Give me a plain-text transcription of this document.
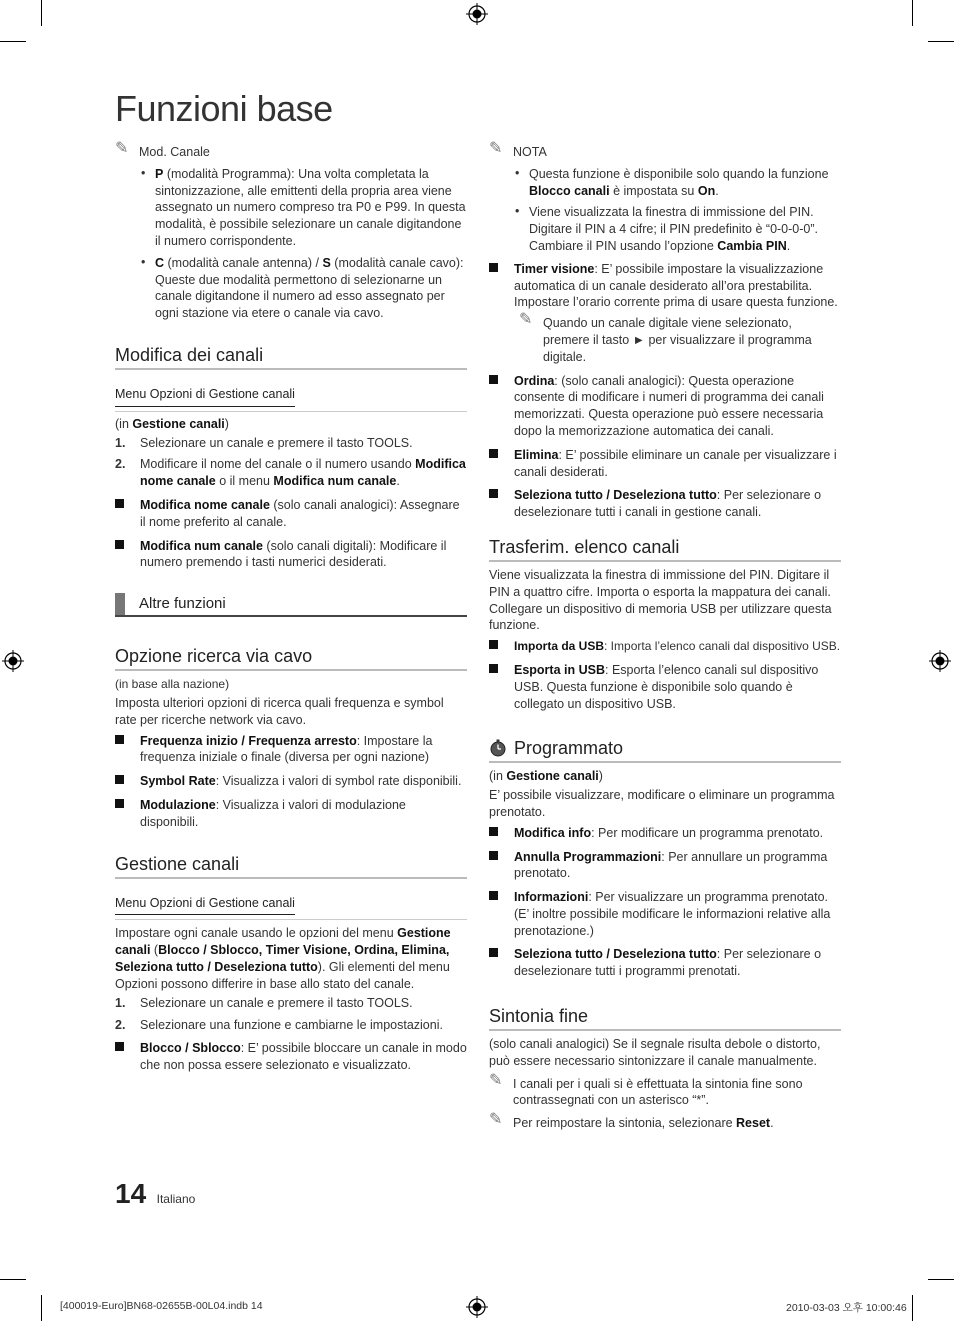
Funzioni base
✎ Mod. Canale
• P (modalità Programma): Una volta completata la sintonizzazione, alle emittenti della propria area viene assegnato un numero compreso tra P0 e P99. In questa modalità, è possibile selezionare un canale digitandone il numero corrispondente.
• C (modalità canale antenna) / S (modalità canale cavo): Queste due modalità permettono di selezionarne un canale digitandone il numero ad esso assegnato per ogni stazione via etere o canale via cavo.
Modifica dei canali
Menu Opzioni di Gestione canali

(in Gestione canali)

1. Selezionare un canale e premere il tasto TOOLS.
2. Modificare il nome del canale o il numero usando Modifica nome canale o il menu Modifica num canale.
Modifica nome canale (solo canali analogici): Assegnare il nome preferito al canale.
Modifica num canale (solo canali digitali): Modificare il numero premendo i tasti numerici desiderati.
Altre funzioni
Opzione ricerca via cavo

(in base alla nazione)

Imposta ulteriori opzioni di ricerca quali frequenza e symbol rate per ricerche network via cavo.

Frequenza inizio / Frequenza arresto: Impostare la frequenza iniziale o finale (diversa per ogni nazione)
Symbol Rate: Visualizza i valori di symbol rate disponibili.
Modulazione: Visualizza i valori di modulazione disponibili.
Gestione canali
Menu Opzioni di Gestione canali

Impostare ogni canale usando le opzioni del menu Gestione canali (Blocco / Sblocco, Timer Visione, Ordina, Elimina, Seleziona tutto / Deseleziona tutto). Gli elementi del menu Opzioni possono differire in base allo stato del canale.

1. Selezionare un canale e premere il tasto TOOLS.
2. Selezionare una funzione e cambiarne le impostazioni.
Blocco / Sblocco: E’ possibile bloccare un canale in modo che non possa essere selezionato e visualizzato.
✎ NOTA
• Questa funzione è disponibile solo quando la funzione Blocco canali è impostata su On.
• Viene visualizzata la finestra di immissione del PIN. Digitare il PIN a 4 cifre; il PIN predefinito è “0-0-0-0”. Cambiare il PIN usando l’opzione Cambia PIN.
Timer visione: E’ possibile impostare la visualizzazione automatica di un canale desiderato all’ora prestabilita. Impostare l’orario corrente prima di usare questa funzione.
✎ Quando un canale digitale viene selezionato, premere il tasto ► per visualizzare il programma digitale.
Ordina: (solo canali analogici): Questa operazione consente di modificare i numeri di programma dei canali memorizzati. Questa operazione può essere necessaria dopo la memorizzazione automatica dei canali.
Elimina: E’ possibile eliminare un canale per visualizzare i canali desiderati.
Seleziona tutto / Deseleziona tutto: Per selezionare o deselezionare tutti i canali in gestione canali.
Trasferim. elenco canali

Viene visualizzata la finestra di immissione del PIN. Digitare il PIN a quattro cifre. Importa o esporta la mappatura dei canali. Collegare un dispositivo di memoria USB per utilizzare questa funzione.

Importa da USB: Importa l’elenco canali dal dispositivo USB.
Esporta in USB: Esporta l’elenco canali sul dispositivo USB. Questa funzione è disponibile solo quando è collegato un dispositivo USB.
Programmato

(in Gestione canali)

E’ possibile visualizzare, modificare o eliminare un programma prenotato.

Modifica info: Per modificare un programma prenotato.
Annulla Programmazioni: Per annullare un programma prenotato.
Informazioni: Per visualizzare un programma prenotato. (E’ inoltre possibile modificare le informazioni relative alla prenotazione.)
Seleziona tutto / Deseleziona tutto: Per selezionare o deselezionare tutti i programmi prenotati.
Sintonia fine

(solo canali analogici) Se il segnale risulta debole o distorto, può essere necessario sintonizzare il canale manualmente.

✎ I canali per i quali si è effettuata la sintonia fine sono contrassegnati con un asterisco “*”.
✎ Per reimpostare la sintonia, selezionare Reset.
14 Italiano
[400019-Euro]BN68-02655B-00L04.indb 14	2010-03-03 오후 10:00:46
